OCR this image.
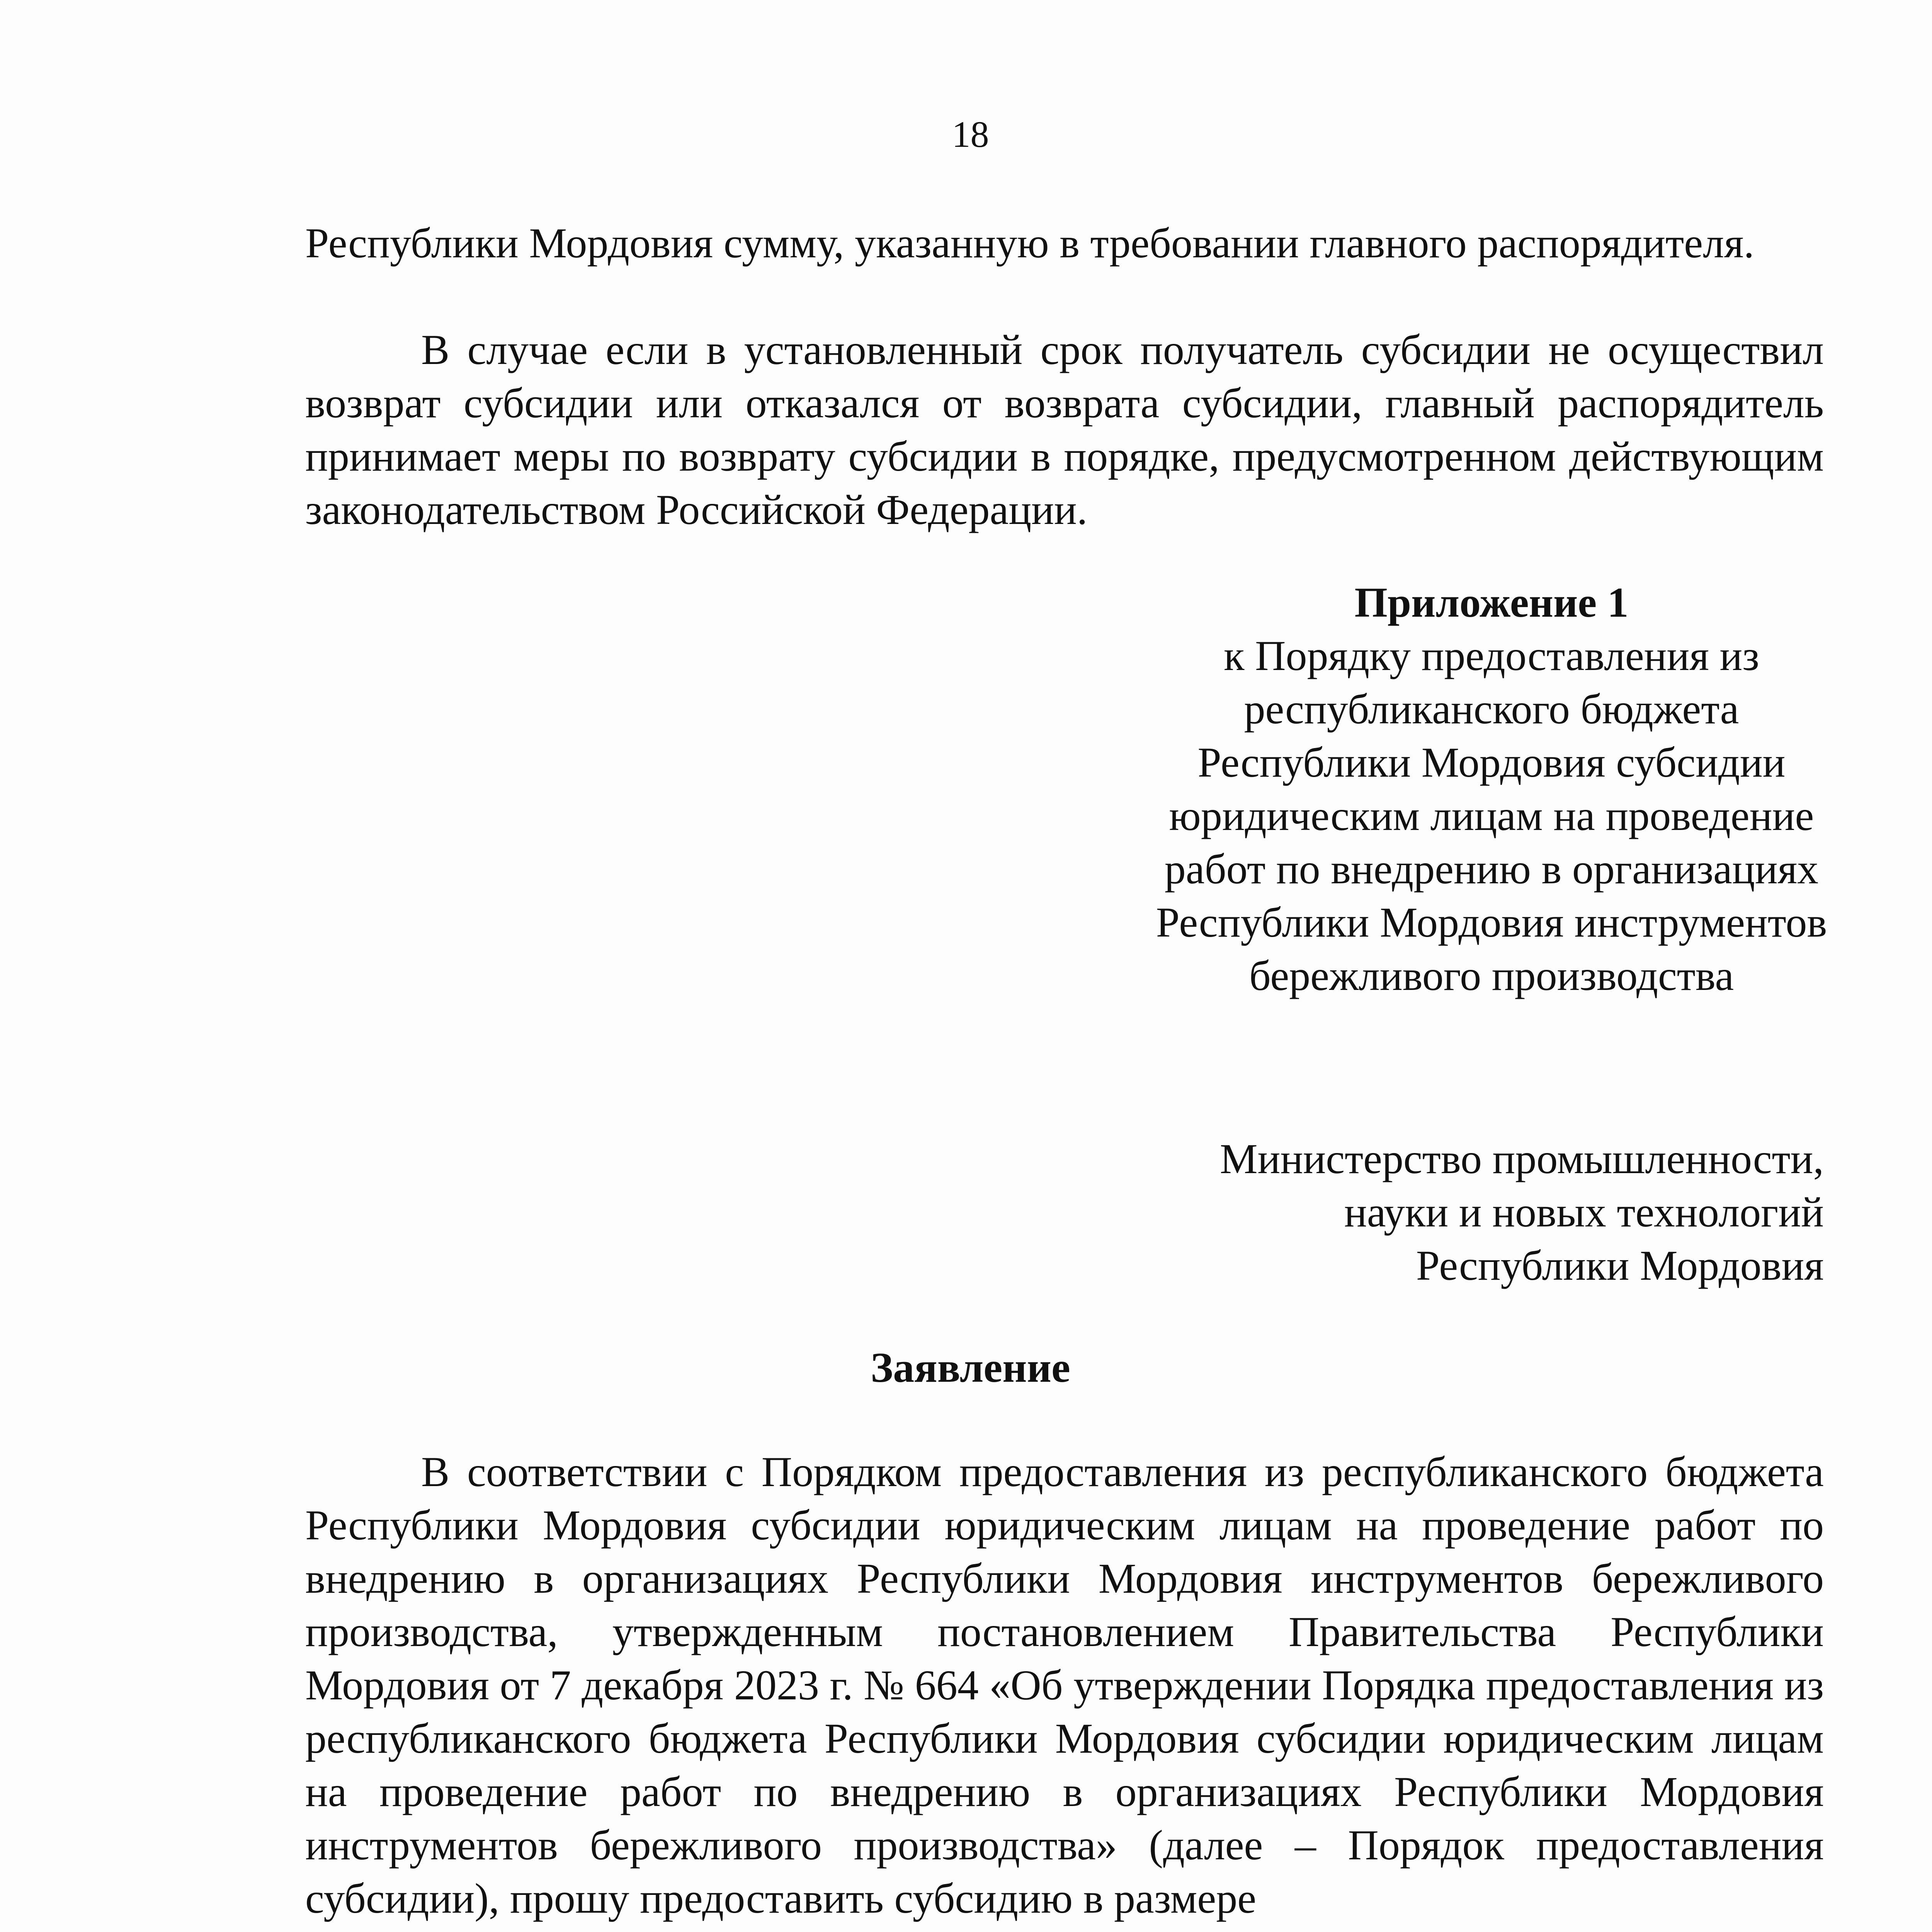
18

Республики Мордовия сумму, указанную в требовании главного распорядителя.

В случае если в установленный срок получатель субсидии не осуществил возврат субсидии или отказался от возврата субсидии, главный распорядитель принимает меры по возврату субсидии в порядке, предусмотренном действующим законодательством Российской Федерации.

Приложение 1
к Порядку предоставления из
республиканского бюджета
Республики Мордовия субсидии
юридическим лицам на проведение
работ по внедрению в организациях
Республики Мордовия инструментов
бережливого производства
Министерство промышленности,
науки и новых технологий
Республики Мордовия
Заявление

В соответствии с Порядком предоставления из республиканского бюджета Республики Мордовия субсидии юридическим лицам на проведение работ по внедрению в организациях Республики Мордовия инструментов бережливого производства, утвержденным постановлением Правительства Республики Мордовия от 7 декабря 2023 г. № 664 «Об утверждении Порядка предоставления из республиканского бюджета Республики Мордовия субсидии юридическим лицам на проведение работ по внедрению в организациях Республики Мордовия инструментов бережливого производства» (далее – Порядок предоставления субсидии), прошу предоставить субсидию в размере
